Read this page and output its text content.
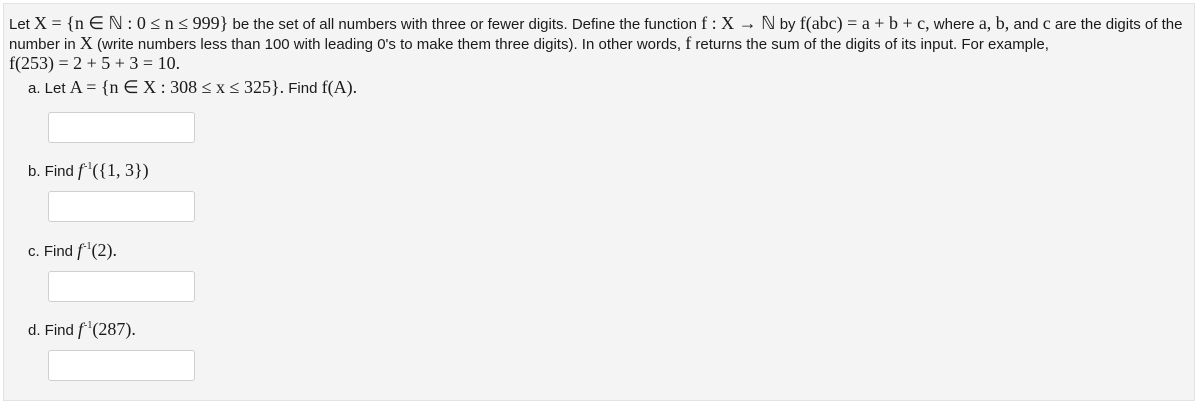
Let X = {n ∈ ℕ : 0 ≤ n ≤ 999} be the set of all numbers with three or fewer digits. Define the function f : X → ℕ by f(abc) = a + b + c, where a, b, and c are the digits of the number in X (write numbers less than 100 with leading 0's to make them three digits). In other words, f returns the sum of the digits of its input. For example,
f(253) = 2 + 5 + 3 = 10.
a. Let A = {n ∈ X : 308 ≤ x ≤ 325}. Find f(A).
b. Find $f^{-1}(\{1$, 3})
c. Find $f^{-1}(2)$.
d. Find $f^{-1}(287)$.
